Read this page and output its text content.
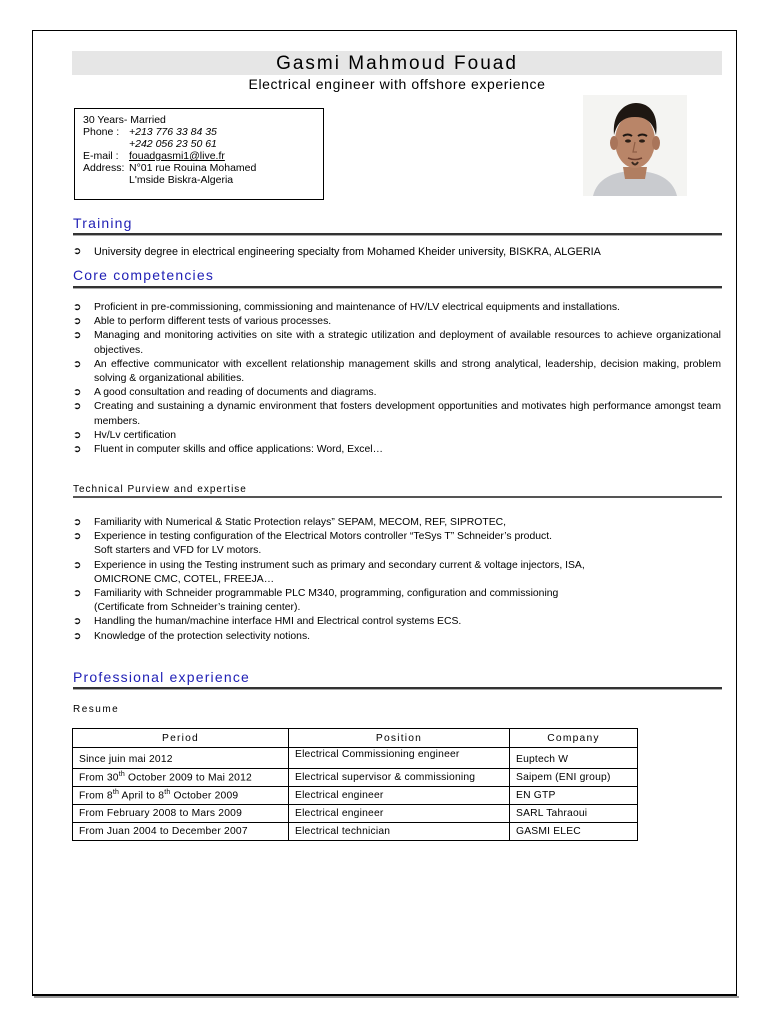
Gasmi Mahmoud Fouad
Electrical engineer with offshore experience
30 Years- Married
Phone : +213 776 33 84 35
+242 056 23 50 61
E-mail : fouadgasmi1@live.fr
Address: N°01 rue Rouina Mohamed
L'mside Biskra-Algeria
Training
➲ University degree in electrical engineering specialty from Mohamed Kheider university, BISKRA, ALGERIA
Core competencies
➲ Proficient in pre-commissioning, commissioning and maintenance of HV/LV electrical equipments and installations.
➲ Able to perform different tests of various processes.
➲ Managing and monitoring activities on site with a strategic utilization and deployment of available resources to achieve organizational objectives.
➲ An effective communicator with excellent relationship management skills and strong analytical, leadership, decision making, problem solving & organizational abilities.
➲ A good consultation and reading of documents and diagrams.
➲ Creating and sustaining a dynamic environment that fosters development opportunities and motivates high performance amongst team members.
➲ Hv/Lv certification
➲ Fluent in computer skills and office applications: Word, Excel…
Technical Purview and expertise
➲ Familiarity with Numerical & Static Protection relays” SEPAM, MECOM, REF, SIPROTEC,
➲ Experience in testing configuration of the Electrical Motors controller “TeSys T” Schneider’s product.
Soft starters and VFD for LV motors.
➲ Experience in using the Testing instrument such as primary and secondary current & voltage injectors, ISA,
OMICRONE CMC, COTEL, FREEJA…
➲ Familiarity with Schneider programmable PLC M340, programming, configuration and commissioning
(Certificate from Schneider’s training center).
➲ Handling the human/machine interface HMI and Electrical control systems ECS.
➲ Knowledge of the protection selectivity notions.
Professional experience
Resume
Period	Position	Company
Since juin mai 2012	Electrical Commissioning engineer	Euptech W
From 30th October 2009 to Mai 2012	Electrical supervisor & commissioning	Saipem (ENI group)
From 8th April to 8th October 2009	Electrical engineer	EN GTP
From February 2008 to Mars 2009	Electrical engineer	SARL Tahraoui
From Juan 2004 to December 2007	Electrical technician	GASMI ELEC
